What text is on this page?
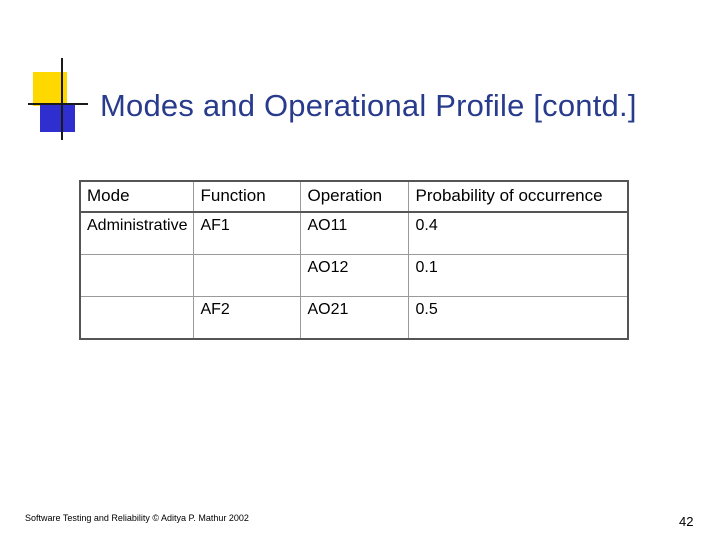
Modes and Operational Profile [contd.]
Mode	Function	Operation	Probability of occurrence
Administrative	AF1	AO11	0.4
		AO12	0.1
	AF2	AO21	0.5
Software Testing and Reliability © Aditya P. Mathur 2002	42
